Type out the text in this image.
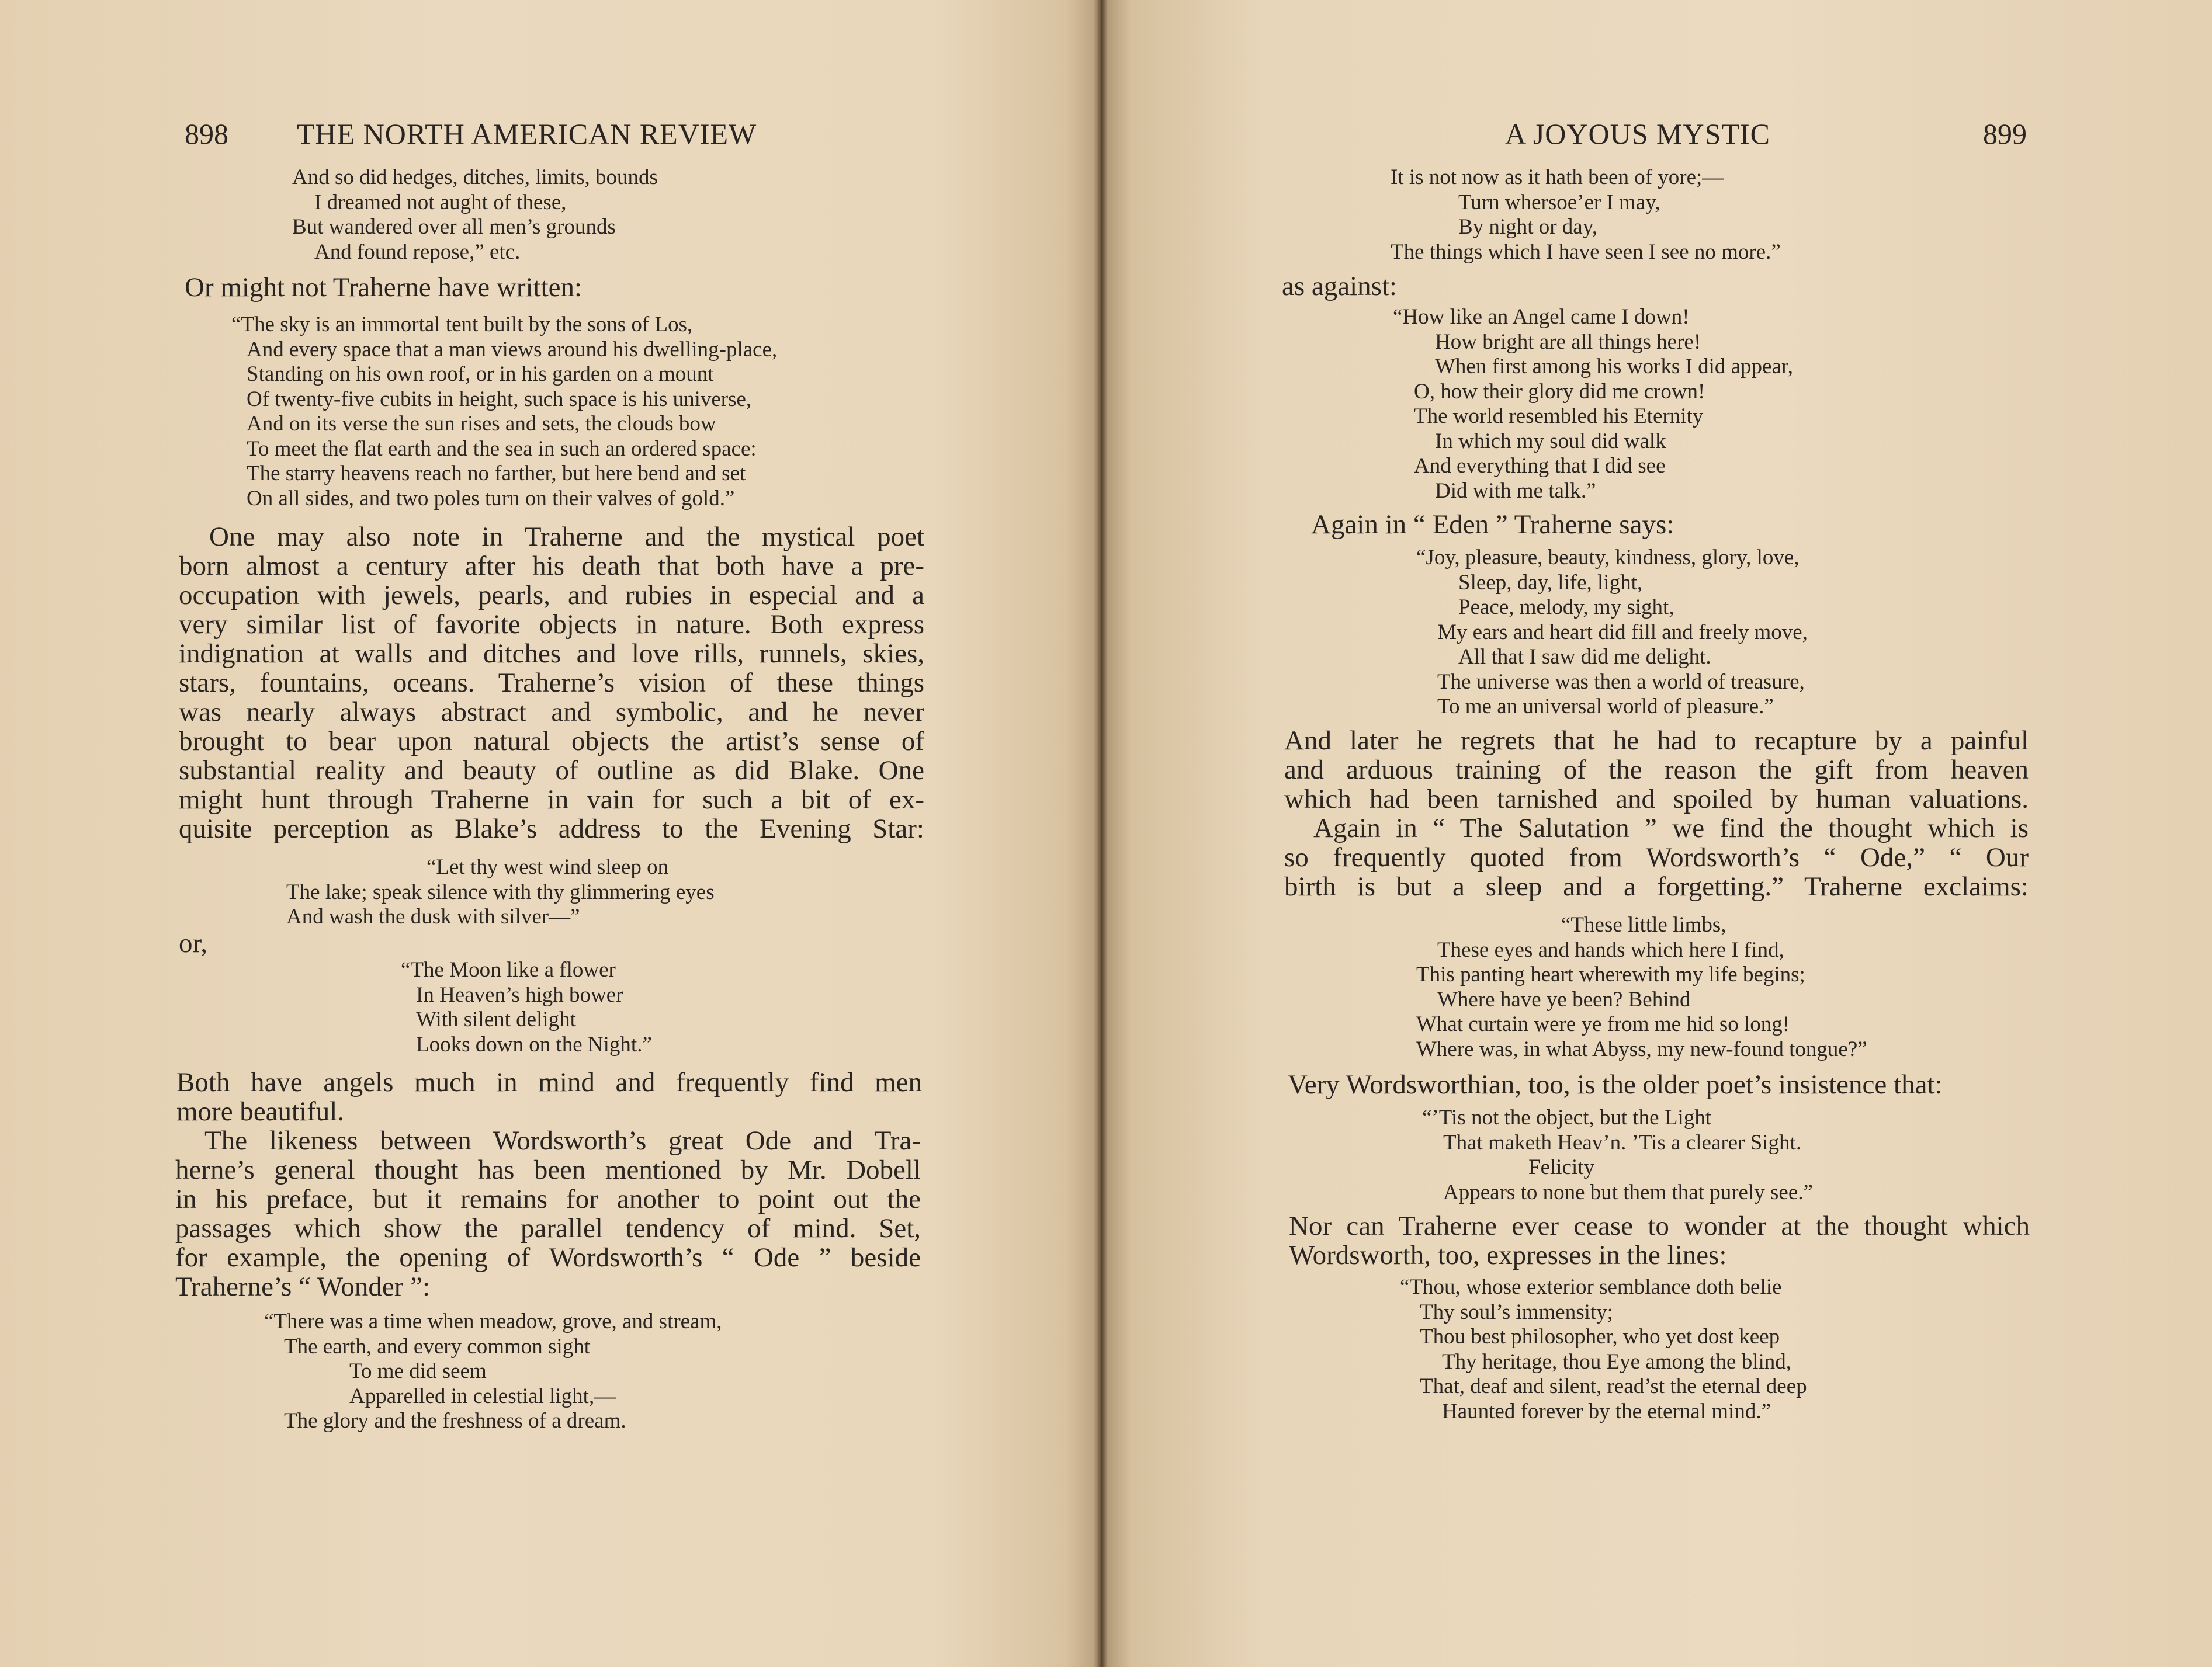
898 THE NORTH AMERICAN REVIEW
And so did hedges, ditches, limits, bounds
I dreamed not aught of these,
But wandered over all men’s grounds
And found repose,” etc.
Or might not Traherne have written:
“The sky is an immortal tent built by the sons of Los,
And every space that a man views around his dwelling-place,
Standing on his own roof, or in his garden on a mount
Of twenty-five cubits in height, such space is his universe,
And on its verse the sun rises and sets, the clouds bow
To meet the flat earth and the sea in such an ordered space:
The starry heavens reach no farther, but here bend and set
On all sides, and two poles turn on their valves of gold.”
One may also note in Traherne and the mystical poet
born almost a century after his death that both have a pre-
occupation with jewels, pearls, and rubies in especial and a
very similar list of favorite objects in nature. Both express
indignation at walls and ditches and love rills, runnels, skies,
stars, fountains, oceans. Traherne’s vision of these things
was nearly always abstract and symbolic, and he never
brought to bear upon natural objects the artist’s sense of
substantial reality and beauty of outline as did Blake. One
might hunt through Traherne in vain for such a bit of ex-
quisite perception as Blake’s address to the Evening Star:
“Let thy west wind sleep on
The lake; speak silence with thy glimmering eyes
And wash the dusk with silver—”
or,
“The Moon like a flower
In Heaven’s high bower
With silent delight
Looks down on the Night.”
Both have angels much in mind and frequently find men
more beautiful.
The likeness between Wordsworth’s great Ode and Tra-
herne’s general thought has been mentioned by Mr. Dobell
in his preface, but it remains for another to point out the
passages which show the parallel tendency of mind. Set,
for example, the opening of Wordsworth’s “ Ode ” beside
Traherne’s “ Wonder ”:
“There was a time when meadow, grove, and stream,
The earth, and every common sight
To me did seem
Apparelled in celestial light,—
The glory and the freshness of a dream.
A JOYOUS MYSTIC	899
It is not now as it hath been of yore;—
Turn whersoe’er I may,
By night or day,
The things which I have seen I see no more.”
as against:
“How like an Angel came I down!
How bright are all things here!
When first among his works I did appear,
O, how their glory did me crown!
The world resembled his Eternity
In which my soul did walk
And everything that I did see
Did with me talk.”
Again in “ Eden ” Traherne says:
“Joy, pleasure, beauty, kindness, glory, love,
Sleep, day, life, light,
Peace, melody, my sight,
My ears and heart did fill and freely move,
All that I saw did me delight.
The universe was then a world of treasure,
To me an universal world of pleasure.”
And later he regrets that he had to recapture by a painful
and arduous training of the reason the gift from heaven
which had been tarnished and spoiled by human valuations.
Again in “ The Salutation ” we find the thought which is
so frequently quoted from Wordsworth’s “ Ode,” “ Our
birth is but a sleep and a forgetting.” Traherne exclaims:
“These little limbs,
These eyes and hands which here I find,
This panting heart wherewith my life begins;
Where have ye been? Behind
What curtain were ye from me hid so long!
Where was, in what Abyss, my new-found tongue?”
Very Wordsworthian, too, is the older poet’s insistence that:
“’Tis not the object, but the Light
That maketh Heav’n. ’Tis a clearer Sight.
Felicity
Appears to none but them that purely see.”
Nor can Traherne ever cease to wonder at the thought which
Wordsworth, too, expresses in the lines:
“Thou, whose exterior semblance doth belie
Thy soul’s immensity;
Thou best philosopher, who yet dost keep
Thy heritage, thou Eye among the blind,
That, deaf and silent, read’st the eternal deep
Haunted forever by the eternal mind.”
